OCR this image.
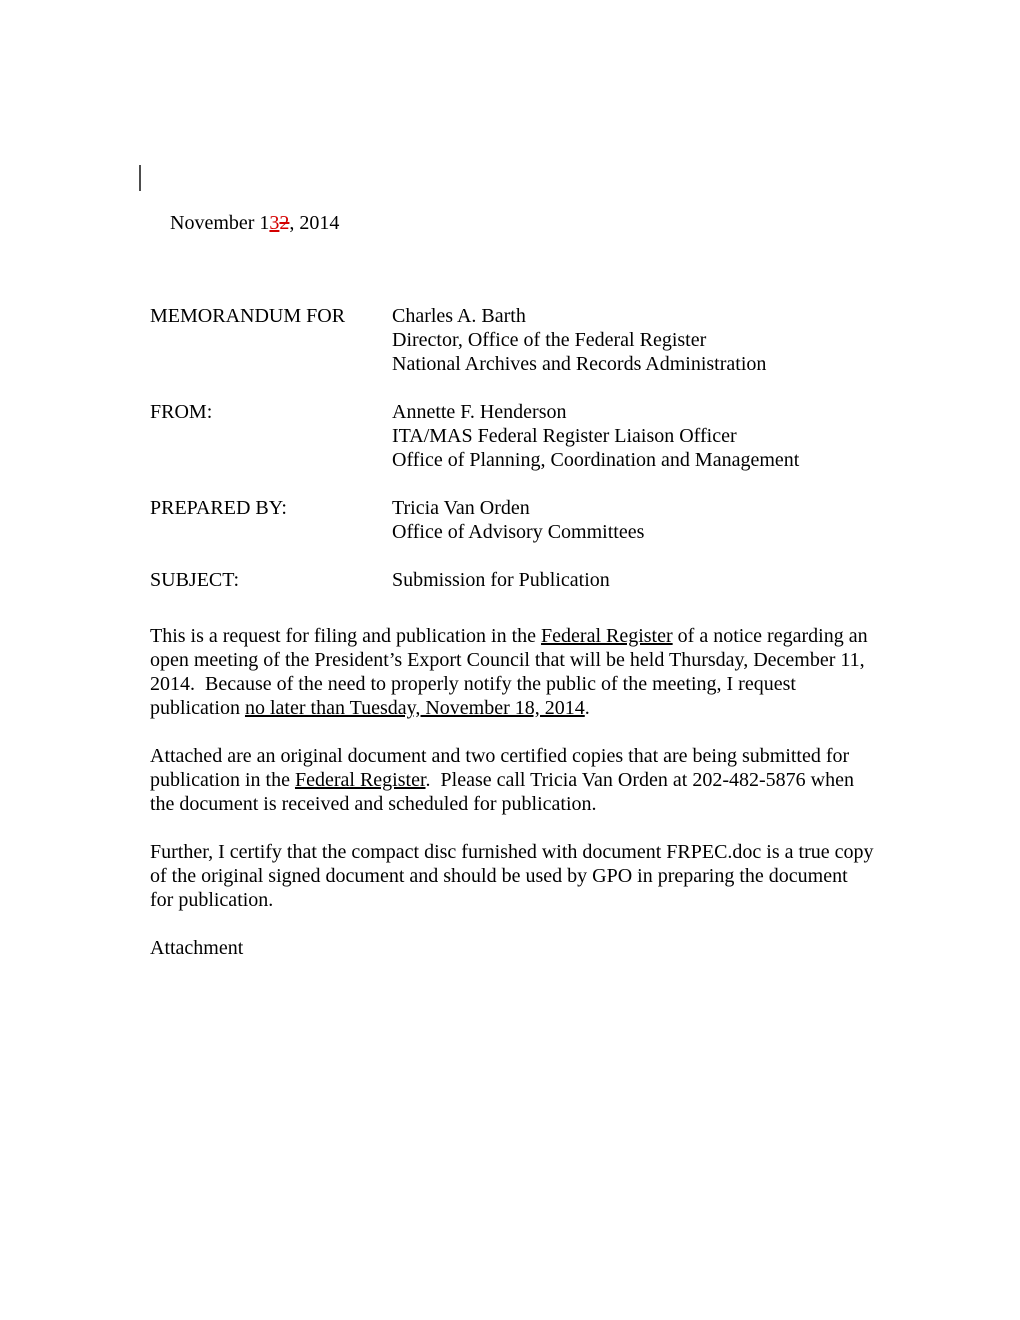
November 132, 2014
MEMORANDUM FOR	Charles A. Barth
Director, Office of the Federal Register
National Archives and Records Administration
FROM:	Annette F. Henderson
ITA/MAS Federal Register Liaison Officer
Office of Planning, Coordination and Management
PREPARED BY:	Tricia Van Orden
Office of Advisory Committees
SUBJECT:	Submission for Publication

This is a request for filing and publication in the Federal Register of a notice regarding an open meeting of the President’s Export Council that will be held Thursday, December 11, 2014.  Because of the need to properly notify the public of the meeting, I request publication no later than Tuesday, November 18, 2014.

Attached are an original document and two certified copies that are being submitted for publication in the Federal Register.  Please call Tricia Van Orden at 202-482-5876 when the document is received and scheduled for publication.

Further, I certify that the compact disc furnished with document FRPEC.doc is a true copy of the original signed document and should be used by GPO in preparing the document for publication.

Attachment
